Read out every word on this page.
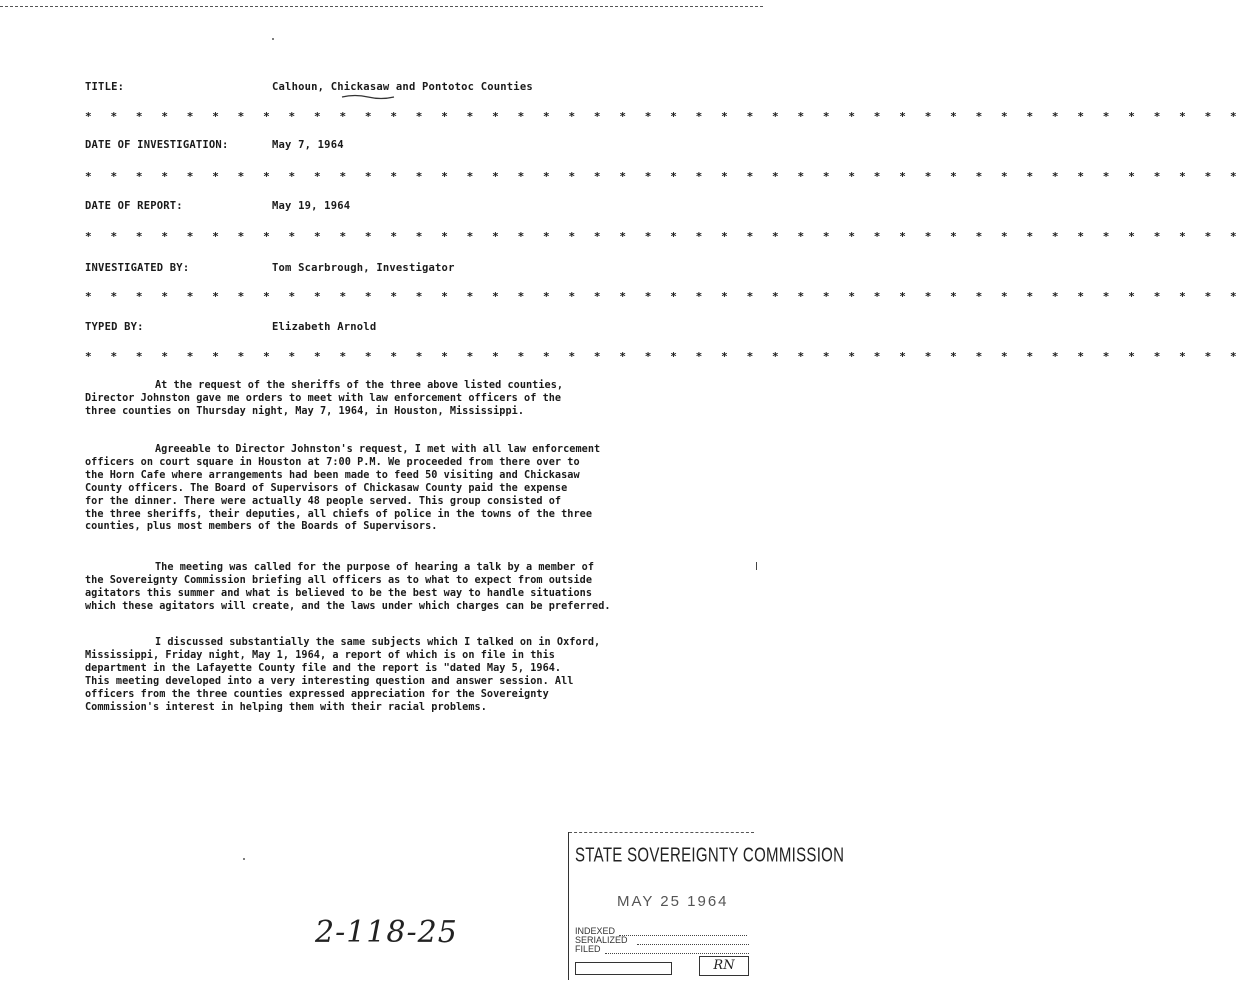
TITLE:	Calhoun, Chickasaw and Pontotoc Counties
* * * * * * * * * * * * * * * * * * * * * * * * * * * * * * * * * * * * * * * * * * * * * *
DATE OF INVESTIGATION:	May 7, 1964
* * * * * * * * * * * * * * * * * * * * * * * * * * * * * * * * * * * * * * * * * * * * * *
DATE OF REPORT:	May 19, 1964
* * * * * * * * * * * * * * * * * * * * * * * * * * * * * * * * * * * * * * * * * * * * * *
INVESTIGATED BY:	Tom Scarbrough, Investigator
* * * * * * * * * * * * * * * * * * * * * * * * * * * * * * * * * * * * * * * * * * * * * *
TYPED BY:	Elizabeth Arnold
* * * * * * * * * * * * * * * * * * * * * * * * * * * * * * * * * * * * * * * * * * * * * *
At the request of the sheriffs of the three above listed counties,
Director Johnston gave me orders to meet with law enforcement officers of the
three counties on Thursday night, May 7, 1964, in Houston, Mississippi.
Agreeable to Director Johnston's request, I met with all law enforcement
officers on court square in Houston at 7:00 P.M. We proceeded from there over to
the Horn Cafe where arrangements had been made to feed 50 visiting and Chickasaw
County officers. The Board of Supervisors of Chickasaw County paid the expense
for the dinner. There were actually 48 people served. This group consisted of
the three sheriffs, their deputies, all chiefs of police in the towns of the three
counties, plus most members of the Boards of Supervisors.
The meeting was called for the purpose of hearing a talk by a member of
the Sovereignty Commission briefing all officers as to what to expect from outside
agitators this summer and what is believed to be the best way to handle situations
which these agitators will create, and the laws under which charges can be preferred.
I discussed substantially the same subjects which I talked on in Oxford,
Mississippi, Friday night, May 1, 1964, a report of which is on file in this
department in the Lafayette County file and the report is "dated May 5, 1964.
This meeting developed into a very interesting question and answer session. All
officers from the three counties expressed appreciation for the Sovereignty
Commission's interest in helping them with their racial problems.
2-118-25
STATE SOVEREIGNTY COMMISSION
MAY 25 1964
INDEXED
SERIALIZED
FILED
RN
